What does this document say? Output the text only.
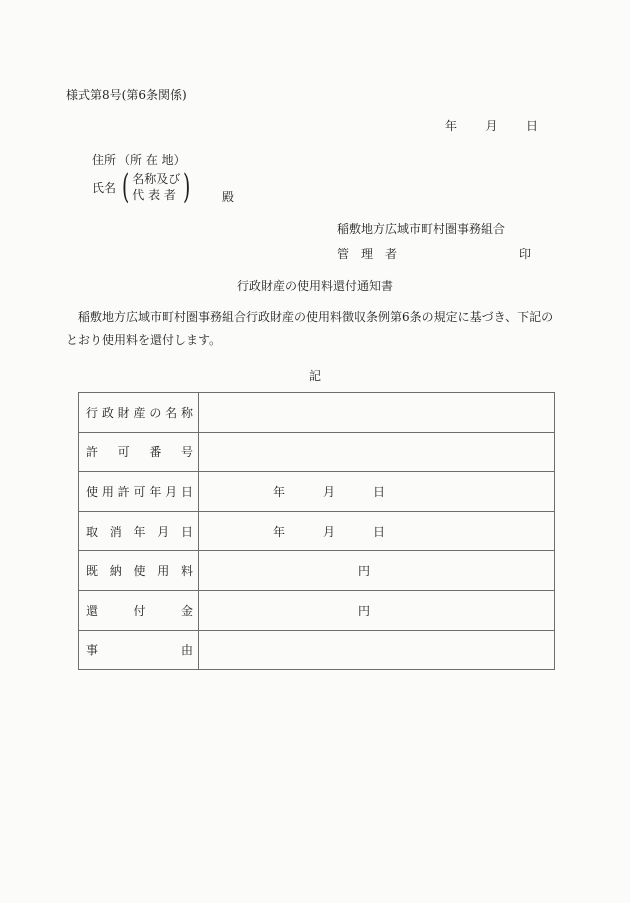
様式第8号(第6条関係)
年 月 日
住所 （所 在 地）
氏名 ( 名称及び
代 表 者 )	殿
稲敷地方広域市町村圏事務組合
管　理　者	印
行政財産の使用料還付通知書
　稲敷地方広域市町村圏事務組合行政財産の使用料徴収条例第6条の規定に基づき、下記の
とおり使用料を還付します。
記
行 政 財 産 の 名 称

許 可 番 号	

使 用 許 可 年 月 日	年	月	日

取 消 年 月 日	年 月 日

既 納 使 用 料	円

還 付 金	円

事 由	
